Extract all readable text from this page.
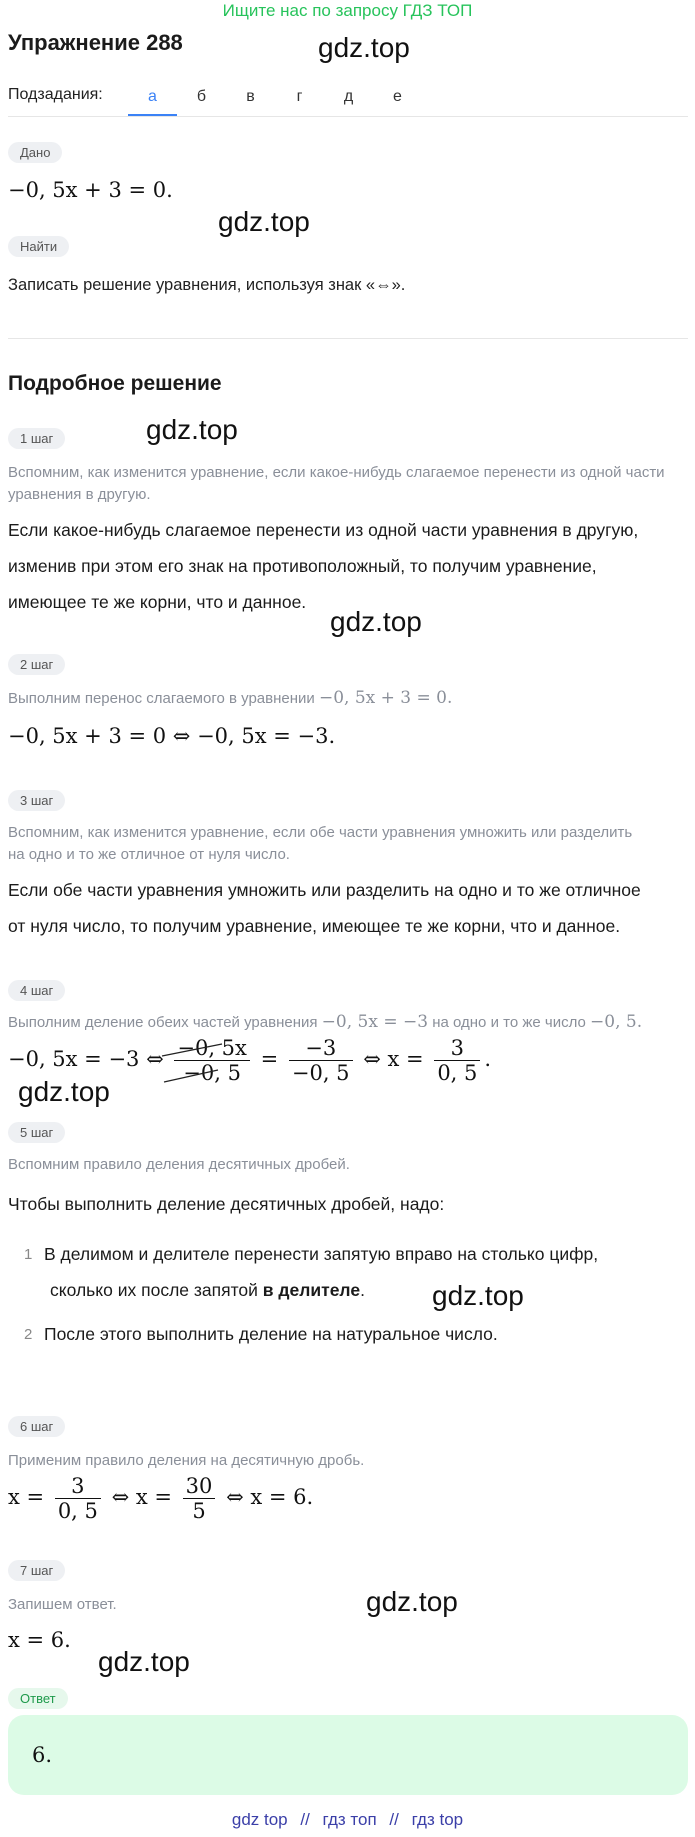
Ищите нас по запросу ГДЗ ТОП
Упражнение 288	gdz.top
Подзадания:	а	б	в	г	д	е
Дано
−0, 5x + 3 = 0.
gdz.top
Найти
Записать решение уравнения, используя знак «⇔».
Подробное решение
1 шаг	gdz.top
Вспомним, как изменится уравнение, если какое-нибудь слагаемое перенести из одной части уравнения в другую.
Если какое-нибудь слагаемое перенести из одной части уравнения в другую,
изменив при этом его знак на противоположный, то получим уравнение,
имеющее те же корни, что и данное.
gdz.top
2 шаг
Выполним перенос слагаемого в уравнении −0, 5x + 3 = 0.
−0, 5x + 3 = 0 ⇔ −0, 5x = −3.
3 шаг
Вспомним, как изменится уравнение, если обе части уравнения умножить или разделить на одно и то же отличное от нуля число.
Если обе части уравнения умножить или разделить на одно и то же отличное
от нуля число, то получим уравнение, имеющее те же корни, что и данное.
4 шаг
Выполним деление обеих частей уравнения −0, 5x = −3 на одно и то же число −0, 5.
−0, 5x = −3 ⇔ $\frac{-0, 5x}{-0, 5} = \frac{-3}{-0, 5}$ ⇔ $x = \frac{3}{0, 5}$ .
gdz.top
5 шаг
Вспомним правило деления десятичных дробей.
Чтобы выполнить деление десятичных дробей, надо:
1 В делимом и делителе перенести запятую вправо на столько цифр,
сколько их после запятой в делителе. gdz.top
2 После этого выполнить деление на натуральное число.
6 шаг
Применим правило деления на десятичную дробь.
$x = \frac{3}{0, 5}$ ⇔ $x = \frac{30}{5}$ ⇔ x = 6.
7 шаг
Запишем ответ.	gdz.top
x = 6.
gdz.top
Ответ
6.
gdz top // гдз топ // гдз top
